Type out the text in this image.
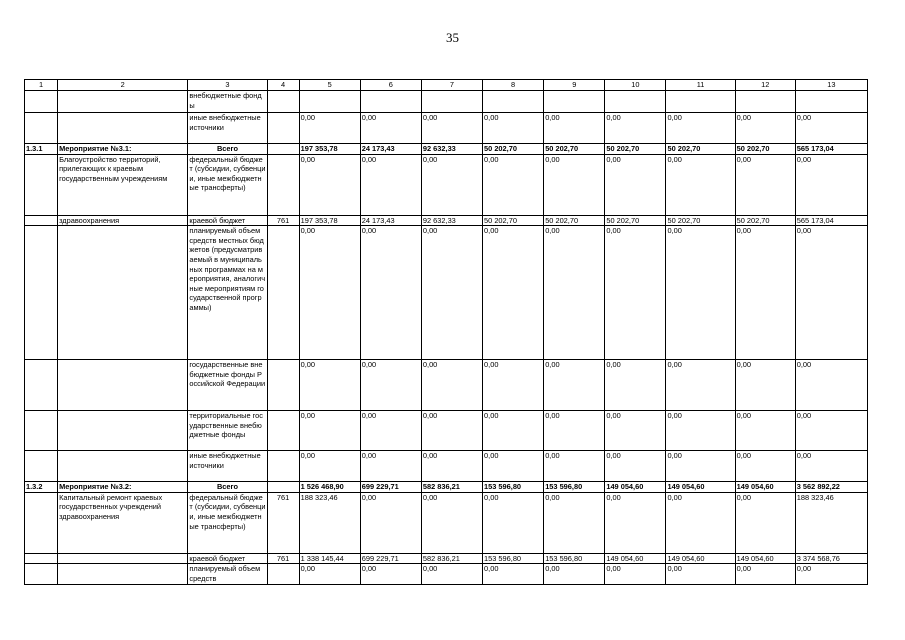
35
1	2	3	4	5	6	7	8	9	10	11	12	13
		внебюджетные фонды										
		иные внебюджетные источники		0,00	0,00	0,00	0,00	0,00	0,00	0,00	0,00	0,00
1.3.1	Мероприятие №3.1:	Всего		197 353,78	24 173,43	92 632,33	50 202,70	50 202,70	50 202,70	50 202,70	50 202,70	565 173,04
	Благоустройство территорий, прилегающих к краевым государственным учреждениям	федеральный бюджет (субсидии, субвенции, иные межбюджетные трансферты)		0,00	0,00	0,00	0,00	0,00	0,00	0,00	0,00	0,00
	здравоохранения	краевой бюджет	761	197 353,78	24 173,43	92 632,33	50 202,70	50 202,70	50 202,70	50 202,70	50 202,70	565 173,04
		планируемый объем средств местных бюджетов (предусматриваемый в муниципальных программах на мероприятия, аналогичные мероприятиям государственной программы)		0,00	0,00	0,00	0,00	0,00	0,00	0,00	0,00	0,00
		государственные внебюджетные фонды Российской Федерации		0,00	0,00	0,00	0,00	0,00	0,00	0,00	0,00	0,00
		территориальные государственные внебюджетные фонды		0,00	0,00	0,00	0,00	0,00	0,00	0,00	0,00	0,00
		иные внебюджетные источники		0,00	0,00	0,00	0,00	0,00	0,00	0,00	0,00	0,00
1.3.2	Мероприятие №3.2:	Всего		1 526 468,90	699 229,71	582 836,21	153 596,80	153 596,80	149 054,60	149 054,60	149 054,60	3 562 892,22
	Капитальный ремонт краевых государственных учреждений здравоохранения	федеральный бюджет (субсидии, субвенции, иные межбюджетные трансферты)	761	188 323,46	0,00	0,00	0,00	0,00	0,00	0,00	0,00	188 323,46
		краевой бюджет	761	1 338 145,44	699 229,71	582 836,21	153 596,80	153 596,80	149 054,60	149 054,60	149 054,60	3 374 568,76
		планируемый объем средств		0,00	0,00	0,00	0,00	0,00	0,00	0,00	0,00	0,00
